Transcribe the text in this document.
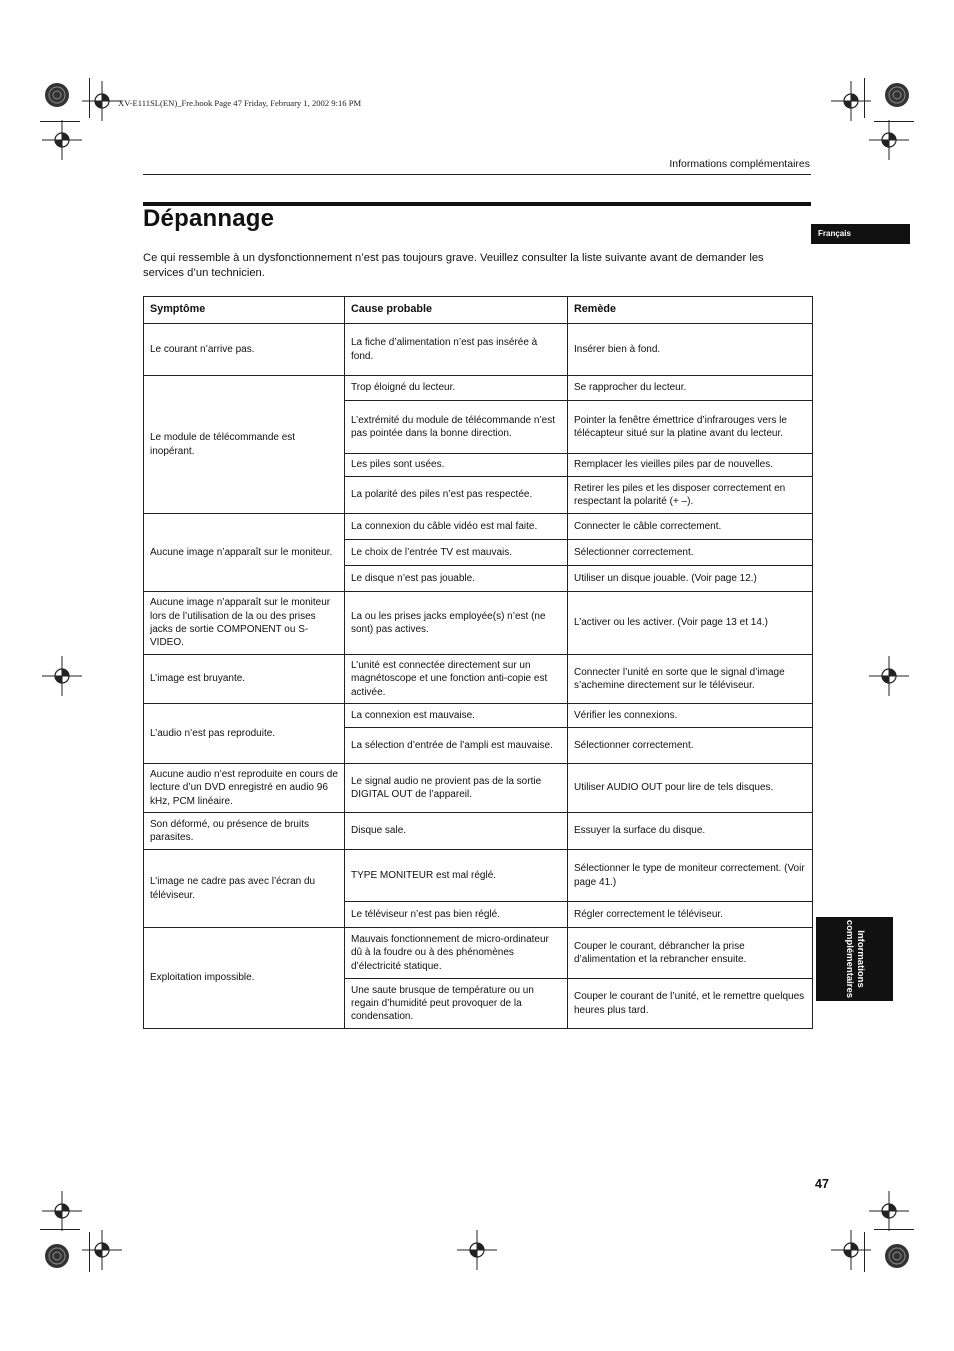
XV-E111SL(EN)_Fre.book Page 47 Friday, February 1, 2002 9:16 PM
Informations complémentaires
Dépannage
Français

Ce qui ressemble à un dysfonctionnement n’est pas toujours grave. Veuillez consulter la liste suivante avant de demander les services d’un technicien.

Symptôme	Cause probable	Remède
Le courant n’arrive pas.	La fiche d’alimentation n’est pas insérée à fond.	Insérer bien à fond.
Le module de télécommande est inopérant.	Trop éloigné du lecteur.	Se rapprocher du lecteur.
	L’extrémité du module de télécommande n’est pas pointée dans la bonne direction.	Pointer la fenêtre émettrice d’infrarouges vers le télécapteur situé sur la platine avant du lecteur.
	Les piles sont usées.	Remplacer les vieilles piles par de nouvelles.
	La polarité des piles n’est pas respectée.	Retirer les piles et les disposer correctement en respectant la polarité (+ –).
Aucune image n’apparaît sur le moniteur.	La connexion du câble vidéo est mal faite.	Connecter le câble correctement.
	Le choix de l’entrée TV est mauvais.	Sélectionner correctement.
	Le disque n’est pas jouable.	Utiliser un disque jouable. (Voir page 12.)
Aucune image n’apparaît sur le moniteur lors de l’utilisation de la ou des prises jacks de sortie COMPONENT ou S-VIDEO.	La ou les prises jacks employée(s) n’est (ne sont) pas actives.	L’activer ou les activer. (Voir page 13 et 14.)
L’image est bruyante.	L’unité est connectée directement sur un magnétoscope et une fonction anti-copie est activée.	Connecter l’unité en sorte que le signal d’image s’achemine directement sur le téléviseur.
L’audio n’est pas reproduite.	La connexion est mauvaise.	Vérifier les connexions.
	La sélection d’entrée de l’ampli est mauvaise.	Sélectionner correctement.
Aucune audio n’est reproduite en cours de lecture d’un DVD enregistré en audio 96 kHz, PCM linéaire.	Le signal audio ne provient pas de la sortie DIGITAL OUT de l’appareil.	Utiliser AUDIO OUT pour lire de tels disques.
Son déformé, ou présence de bruits parasites.	Disque sale.	Essuyer la surface du disque.
L’image ne cadre pas avec l’écran du téléviseur.	TYPE MONITEUR est mal réglé.	Sélectionner le type de moniteur correctement. (Voir page 41.)
	Le téléviseur n’est pas bien réglé.	Régler correctement le téléviseur.
Exploitation impossible.	Mauvais fonctionnement de micro-ordinateur dû à la foudre ou à des phénomènes d’électricité statique.	Couper le courant, débrancher la prise d’alimentation et la rebrancher ensuite.
	Une saute brusque de température ou un regain d’humidité peut provoquer de la condensation.	Couper le courant de l’unité, et le remettre quelques heures plus tard.
Informations
complémentaires
47
